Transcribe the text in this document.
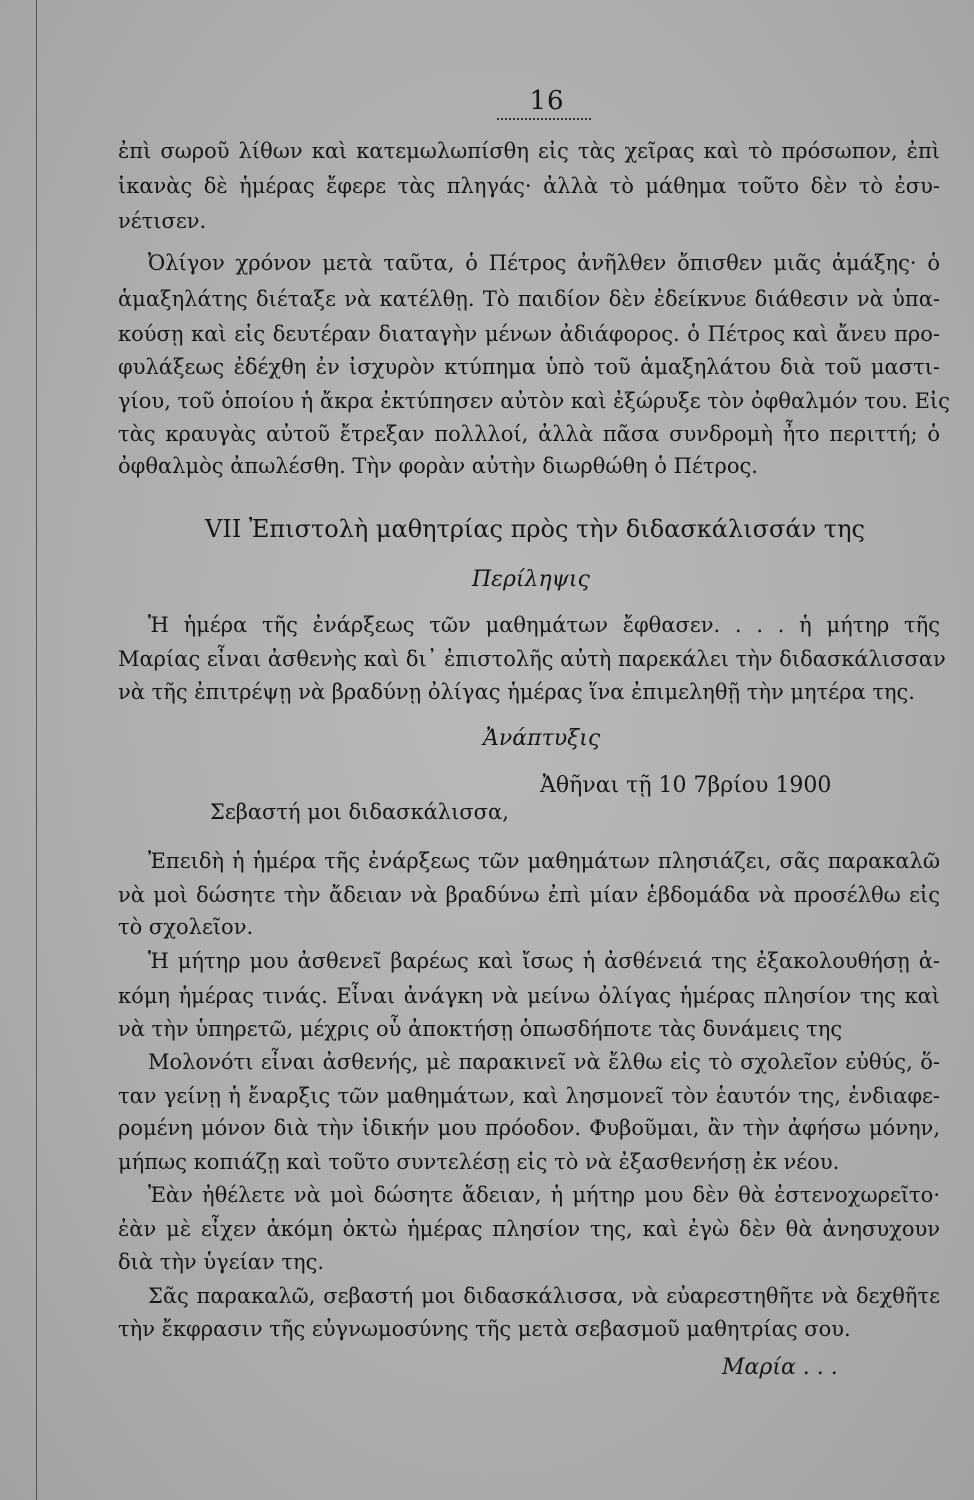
16

ἐπὶ σωροῦ λίθων καὶ κατεμωλωπίσθη εἰς τὰς χεῖρας καὶ τὸ πρόσωπον, ἐπὶ

ἱκανὰς δὲ ἡμέρας ἔφερε τὰς πληγάς· ἀλλὰ τὸ μάθημα τοῦτο δὲν τὸ ἐσυ-

νέτισεν.

Ὀλίγον χρόνον μετὰ ταῦτα, ὁ Πέτρος ἀνῆλθεν ὄπισθεν μιᾶς ἁμάξης· ὁ

ἁμαξηλάτης διέταξε νὰ κατέλθῃ. Τὸ παιδίον δὲν ἐδείκνυε διάθεσιν νὰ ὑπα-

κούσῃ καὶ εἰς δευτέραν διαταγὴν μένων ἀδιάφορος. ὁ Πέτρος καὶ ἄνευ προ-

φυλάξεως ἐδέχθη ἐν ἰσχυρὸν κτύπημα ὑπὸ τοῦ ἁμαξηλάτου διὰ τοῦ μαστι-

γίου, τοῦ ὁποίου ἡ ἄκρα ἐκτύπησεν αὐτὸν καὶ ἐξώρυξε τὸν ὀφθαλμόν του. Εἰς

τὰς κραυγὰς αὐτοῦ ἔτρεξαν πολλλοί, ἀλλὰ πᾶσα συνδρομὴ ἦτο περιττή; ὁ

ὀφθαλμὸς ἀπωλέσθη. Τὴν φορὰν αὐτὴν διωρθώθη ὁ Πέτρος.

VII Ἐπιστολὴ μαθητρίας πρὸς τὴν διδασκάλισσάν της
Περίληψις

Ἡ ἡμέρα τῆς ἐνάρξεως τῶν μαθημάτων ἔφθασεν. . . . ἡ μήτηρ τῆς

Μαρίας εἶναι ἀσθενὴς καὶ δι᾽ ἐπιστολῆς αὐτὴ παρεκάλει τὴν διδασκάλισσαν

νὰ τῆς ἐπιτρέψῃ νὰ βραδύνῃ ὀλίγας ἡμέρας ἵνα ἐπιμεληθῇ τὴν μητέρα της.

Ἀνάπτυξις
Ἀθῆναι τῇ 10 7βρίου 1900
Σεβαστή μοι διδασκάλισσα,

Ἐπειδὴ ἡ ἡμέρα τῆς ἐνάρξεως τῶν μαθημάτων πλησιάζει, σᾶς παρακαλῶ

νὰ μοὶ δώσητε τὴν ἄδειαν νὰ βραδύνω ἐπὶ μίαν ἑβδομάδα νὰ προσέλθω εἰς

τὸ σχολεῖον.

Ἡ μήτηρ μου ἀσθενεῖ βαρέως καὶ ἴσως ἡ ἀσθένειά της ἐξακολουθήσῃ ἀ-

κόμη ἡμέρας τινάς. Εἶναι ἀνάγκη νὰ μείνω ὀλίγας ἡμέρας πλησίον της καὶ

νὰ τὴν ὑπηρετῶ, μέχρις οὗ ἀποκτήσῃ ὁπωσδήποτε τὰς δυνάμεις της

Μολονότι εἶναι ἀσθενής, μὲ παρακινεῖ νὰ ἔλθω εἰς τὸ σχολεῖον εὐθύς, ὅ-

ταν γείνῃ ἡ ἔναρξις τῶν μαθημάτων, καὶ λησμονεῖ τὸν ἑαυτόν της, ἐνδιαφε-

ρομένη μόνον διὰ τὴν ἰδικήν μου πρόοδον. Φυβοῦμαι, ἂν τὴν ἀφήσω μόνην,

μήπως κοπιάζῃ καὶ τοῦτο συντελέσῃ εἰς τὸ νὰ ἐξασθενήσῃ ἐκ νέου.

Ἐὰν ἠθέλετε νὰ μοὶ δώσητε ἄδειαν, ἡ μήτηρ μου δὲν θὰ ἐστενοχωρεῖτο·

ἐὰν μὲ εἶχεν ἀκόμη ὀκτὼ ἡμέρας πλησίον της, καὶ ἐγὼ δὲν θὰ ἀνησυχουν

διὰ τὴν ὑγείαν της.

Σᾶς παρακαλῶ, σεβαστή μοι διδασκάλισσα, νὰ εὐαρεστηθῆτε νὰ δεχθῆτε

τὴν ἔκφρασιν τῆς εὐγνωμοσύνης τῆς μετὰ σεβασμοῦ μαθητρίας σου.

Μαρία . . .
